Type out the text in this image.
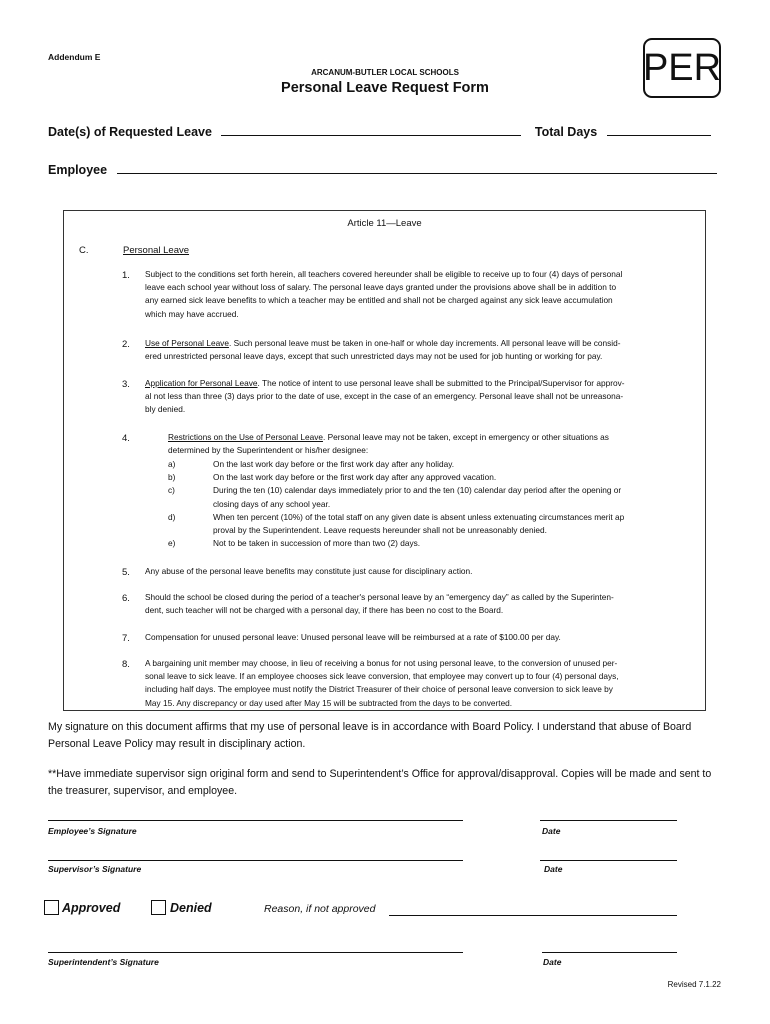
Addendum E
ARCANUM-BUTLER LOCAL SCHOOLS
Personal Leave Request Form	PER
Date(s) of Requested Leave	Total Days
Employee
Article 11—Leave
C.	Personal Leave
1. Subject to the conditions set forth herein, all teachers covered hereunder shall be eligible to receive up to four (4) days of personal
leave each school year without loss of salary. The personal leave days granted under the provisions above shall be in addition to
any earned sick leave benefits to which a teacher may be entitled and shall not be charged against any sick leave accumulation
which may have accrued.
2. Use of Personal Leave. Such personal leave must be taken in one-half or whole day increments. All personal leave will be consid-
ered unrestricted personal leave days, except that such unrestricted days may not be used for job hunting or working for pay.
3. Application for Personal Leave. The notice of intent to use personal leave shall be submitted to the Principal/Supervisor for approv-
al not less than three (3) days prior to the date of use, except in the case of an emergency. Personal leave shall not be unreasona-
bly denied.
4.	Restrictions on the Use of Personal Leave. Personal leave may not be taken, except in emergency or other situations as
determined by the Superintendent or his/her designee:
a)	On the last work day before or the first work day after any holiday.
b)	On the last work day before or the first work day after any approved vacation.
c)	During the ten (10) calendar days immediately prior to and the ten (10) calendar day period after the opening or
closing days of any school year.
d)	When ten percent (10%) of the total staff on any given date is absent unless extenuating circumstances merit ap
proval by the Superintendent. Leave requests hereunder shall not be unreasonably denied.
e)	Not to be taken in succession of more than two (2) days.
5. Any abuse of the personal leave benefits may constitute just cause for disciplinary action.
6. Should the school be closed during the period of a teacher's personal leave by an “emergency day” as called by the Superinten-
dent, such teacher will not be charged with a personal day, if there has been no cost to the Board.
7. Compensation for unused personal leave: Unused personal leave will be reimbursed at a rate of $100.00 per day.
8. A bargaining unit member may choose, in lieu of receiving a bonus for not using personal leave, to the conversion of unused per-
sonal leave to sick leave. If an employee chooses sick leave conversion, that employee may convert up to four (4) personal days,
including half days. The employee must notify the District Treasurer of their choice of personal leave conversion to sick leave by
May 15. Any discrepancy or day used after May 15 will be subtracted from the days to be converted.
My signature on this document affirms that my use of personal leave is in accordance with Board Policy. I understand that abuse of Board Personal Leave Policy may result in disciplinary action.
**Have immediate supervisor sign original form and send to Superintendent’s Office for approval/disapproval. Copies will be made and sent to the treasurer, supervisor, and employee.
Employee’s Signature	Date
Supervisor’s Signature	Date
Approved	Denied	Reason, if not approved
Superintendent’s Signature	Date
Revised 7.1.22
